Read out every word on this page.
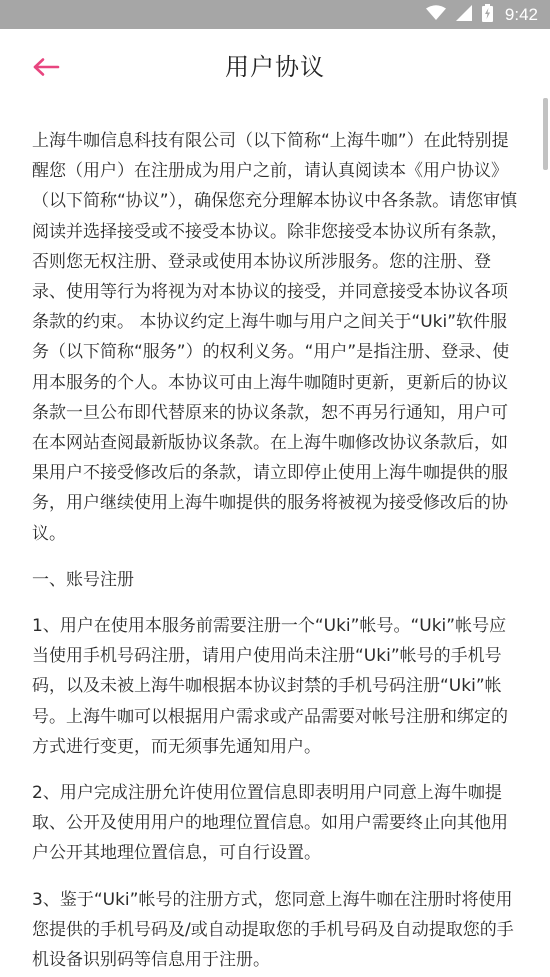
9:42
用户协议

上海牛咖信息科技有限公司（以下简称“上海牛咖”）在此特别提醒您（用户）在注册成为用户之前，请认真阅读本《用户协议》（以下简称“协议”），确保您充分理解本协议中各条款。请您审慎阅读并选择接受或不接受本协议。除非您接受本协议所有条款，否则您无权注册、登录或使用本协议所涉服务。您的注册、登录、使用等行为将视为对本协议的接受，并同意接受本协议各项条款的约束。 本协议约定上海牛咖与用户之间关于“Uki”软件服务（以下简称“服务”）的权利义务。“用户”是指注册、登录、使用本服务的个人。本协议可由上海牛咖随时更新，更新后的协议条款一旦公布即代替原来的协议条款，恕不再另行通知，用户可在本网站查阅最新版协议条款。在上海牛咖修改协议条款后，如果用户不接受修改后的条款，请立即停止使用上海牛咖提供的服务，用户继续使用上海牛咖提供的服务将被视为接受修改后的协议。

一、账号注册

1、用户在使用本服务前需要注册一个“Uki”帐号。“Uki”帐号应当使用手机号码注册，请用户使用尚未注册“Uki”帐号的手机号码，以及未被上海牛咖根据本协议封禁的手机号码注册“Uki”帐号。上海牛咖可以根据用户需求或产品需要对帐号注册和绑定的方式进行变更，而无须事先通知用户。

2、用户完成注册允许使用位置信息即表明用户同意上海牛咖提取、公开及使用用户的地理位置信息。如用户需要终止向其他用户公开其地理位置信息，可自行设置。

3、鉴于“Uki”帐号的注册方式，您同意上海牛咖在注册时将使用您提供的手机号码及/或自动提取您的手机号码及自动提取您的手机设备识别码等信息用于注册。
